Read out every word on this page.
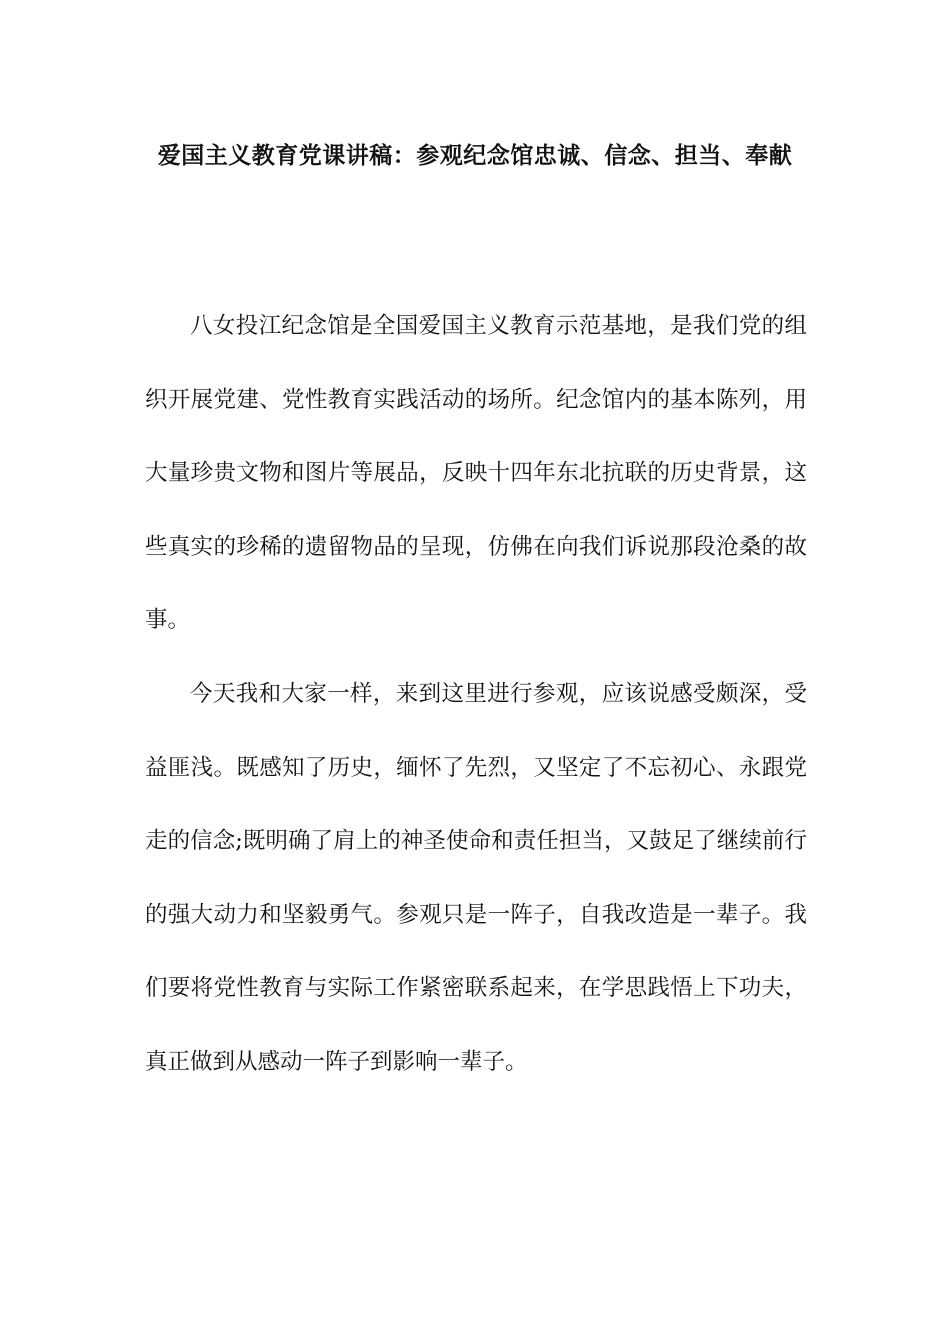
爱国主义教育党课讲稿：参观纪念馆忠诚、信念、担当、奉献

八女投江纪念馆是全国爱国主义教育示范基地，是我们党的组织开展党建、党性教育实践活动的场所。纪念馆内的基本陈列，用大量珍贵文物和图片等展品，反映十四年东北抗联的历史背景，这些真实的珍稀的遗留物品的呈现，仿佛在向我们诉说那段沧桑的故事。

今天我和大家一样，来到这里进行参观，应该说感受颇深，受益匪浅。既感知了历史，缅怀了先烈，又坚定了不忘初心、永跟党走的信念;既明确了肩上的神圣使命和责任担当，又鼓足了继续前行的强大动力和坚毅勇气。参观只是一阵子，自我改造是一辈子。我们要将党性教育与实际工作紧密联系起来，在学思践悟上下功夫，真正做到从感动一阵子到影响一辈子。
